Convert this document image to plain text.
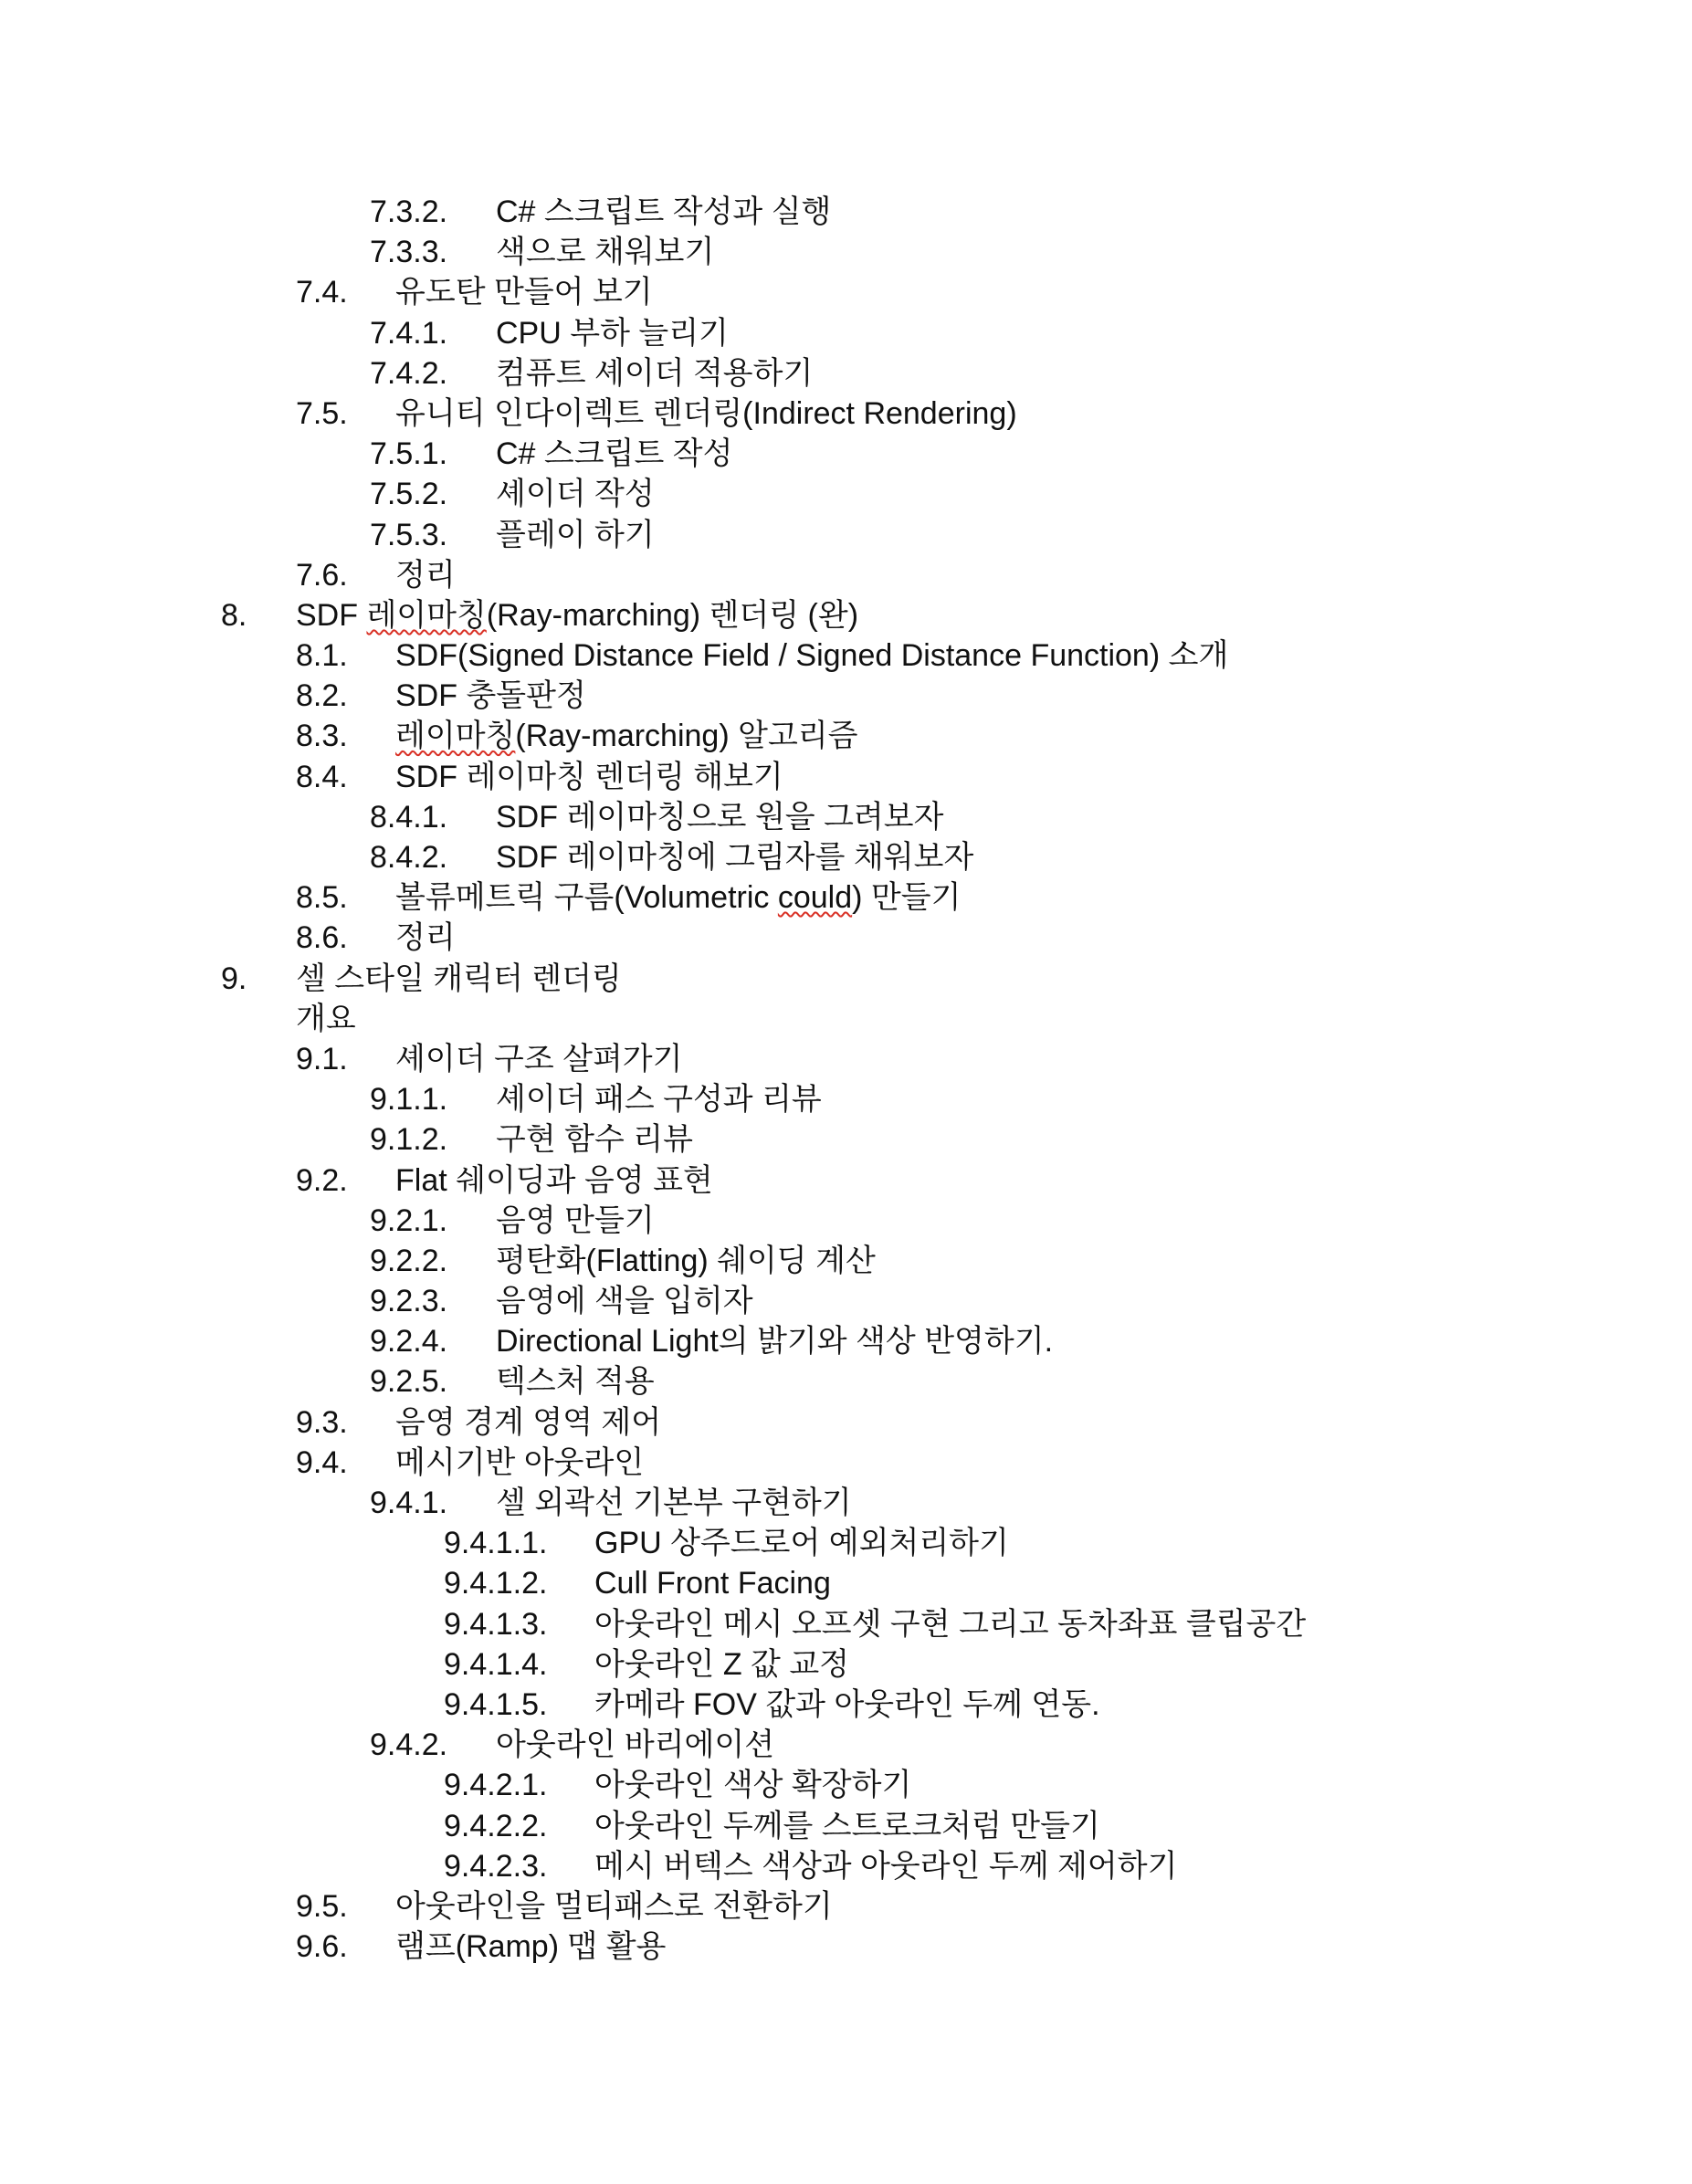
7.3.2. C# 스크립트 작성과 실행
7.3.3. 색으로 채워보기
7.4. 유도탄 만들어 보기
7.4.1. CPU 부하 늘리기
7.4.2. 컴퓨트 셰이더 적용하기
7.5. 유니티 인다이렉트 렌더링(Indirect Rendering)
7.5.1. C# 스크립트 작성
7.5.2. 셰이더 작성
7.5.3. 플레이 하기
7.6. 정리
8. SDF 레이마칭(Ray-marching) 렌더링 (완)
8.1. SDF(Signed Distance Field / Signed Distance Function) 소개
8.2. SDF 충돌판정
8.3. 레이마칭(Ray-marching) 알고리즘
8.4. SDF 레이마칭 렌더링 해보기
8.4.1. SDF 레이마칭으로 원을 그려보자
8.4.2. SDF 레이마칭에 그림자를 채워보자
8.5. 볼류메트릭 구름(Volumetric could) 만들기
8.6. 정리
9. 셀 스타일 캐릭터 렌더링
개요
9.1. 셰이더 구조 살펴가기
9.1.1. 셰이더 패스 구성과 리뷰
9.1.2. 구현 함수 리뷰
9.2. Flat 쉐이딩과 음영 표현
9.2.1. 음영 만들기
9.2.2. 평탄화(Flatting) 쉐이딩 계산
9.2.3. 음영에 색을 입히자
9.2.4. Directional Light의 밝기와 색상 반영하기.
9.2.5. 텍스처 적용
9.3. 음영 경계 영역 제어
9.4. 메시기반 아웃라인
9.4.1. 셀 외곽선 기본부 구현하기
9.4.1.1. GPU 상주드로어 예외처리하기
9.4.1.2. Cull Front Facing
9.4.1.3. 아웃라인 메시 오프셋 구현 그리고 동차좌표 클립공간
9.4.1.4. 아웃라인 Z 값 교정
9.4.1.5. 카메라 FOV 값과 아웃라인 두께 연동.
9.4.2. 아웃라인 바리에이션
9.4.2.1. 아웃라인 색상 확장하기
9.4.2.2. 아웃라인 두께를 스트로크처럼 만들기
9.4.2.3. 메시 버텍스 색상과 아웃라인 두께 제어하기
9.5. 아웃라인을 멀티패스로 전환하기
9.6. 램프(Ramp) 맵 활용
